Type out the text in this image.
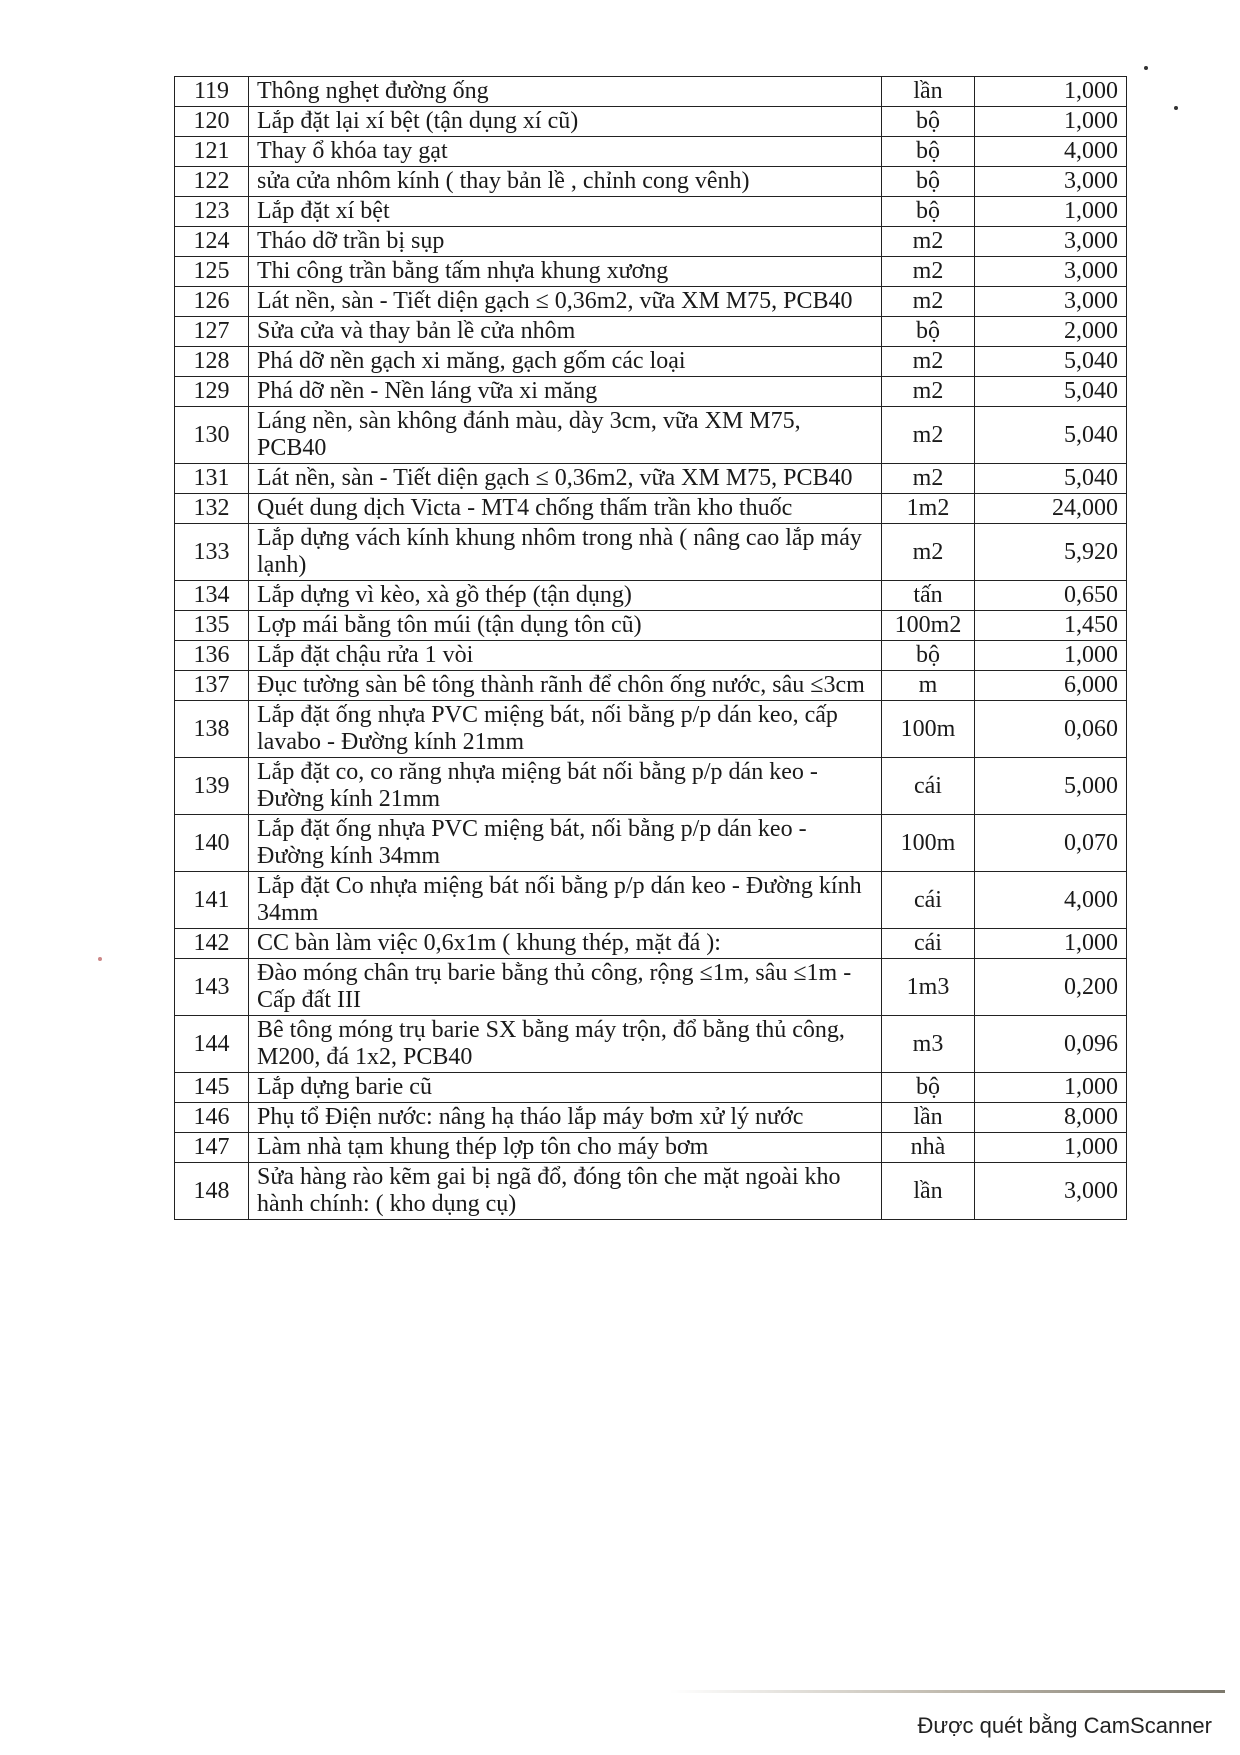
119	Thông nghẹt đường ống	lần	1,000
120	Lắp đặt lại xí bệt (tận dụng xí cũ)	bộ	1,000
121	Thay ổ khóa tay gạt	bộ	4,000
122	sửa cửa nhôm kính ( thay bản lề , chỉnh cong vênh)	bộ	3,000
123	Lắp đặt xí bệt	bộ	1,000
124	Tháo dỡ trần bị sụp	m2	3,000
125	Thi công trần bằng tấm nhựa khung xương	m2	3,000
126	Lát nền, sàn - Tiết diện gạch ≤ 0,36m2, vữa XM M75, PCB40	m2	3,000
127	Sửa cửa và thay bản lề cửa nhôm	bộ	2,000
128	Phá dỡ nền gạch xi măng, gạch gốm các loại	m2	5,040
129	Phá dỡ nền - Nền láng vữa xi măng	m2	5,040
130	Láng nền, sàn không đánh màu, dày 3cm, vữa XM M75, PCB40	m2	5,040
131	Lát nền, sàn - Tiết diện gạch ≤ 0,36m2, vữa XM M75, PCB40	m2	5,040
132	Quét dung dịch Victa - MT4 chống thấm trần kho thuốc	1m2	24,000
133	Lắp dựng vách kính khung nhôm trong nhà ( nâng cao lắp máy lạnh)	m2	5,920
134	Lắp dựng vì kèo, xà gồ thép (tận dụng)	tấn	0,650
135	Lợp mái bằng tôn múi (tận dụng tôn cũ)	100m2	1,450
136	Lắp đặt chậu rửa 1 vòi	bộ	1,000
137	Đục tường sàn bê tông thành rãnh để chôn ống nước, sâu ≤3cm	m	6,000
138	Lắp đặt ống nhựa PVC miệng bát, nối bằng p/p dán keo, cấp lavabo - Đường kính 21mm	100m	0,060
139	Lắp đặt co, co răng nhựa miệng bát nối bằng p/p dán keo - Đường kính 21mm	cái	5,000
140	Lắp đặt ống nhựa PVC miệng bát, nối bằng p/p dán keo - Đường kính 34mm	100m	0,070
141	Lắp đặt Co nhựa miệng bát nối bằng p/p dán keo - Đường kính 34mm	cái	4,000
142	CC bàn làm việc 0,6x1m ( khung thép, mặt đá ):	cái	1,000
143	Đào móng chân trụ barie bằng thủ công, rộng ≤1m, sâu ≤1m - Cấp đất III	1m3	0,200
144	Bê tông móng trụ barie SX bằng máy trộn, đổ bằng thủ công, M200, đá 1x2, PCB40	m3	0,096
145	Lắp dựng barie cũ	bộ	1,000
146	Phụ tổ Điện nước: nâng hạ tháo lắp máy bơm xử lý nước	lần	8,000
147	Làm nhà tạm khung thép lợp tôn cho máy bơm	nhà	1,000
148	Sửa hàng rào kẽm gai bị ngã đổ, đóng tôn che mặt ngoài kho hành chính: ( kho dụng cụ)	lần	3,000
Được quét bằng CamScanner
